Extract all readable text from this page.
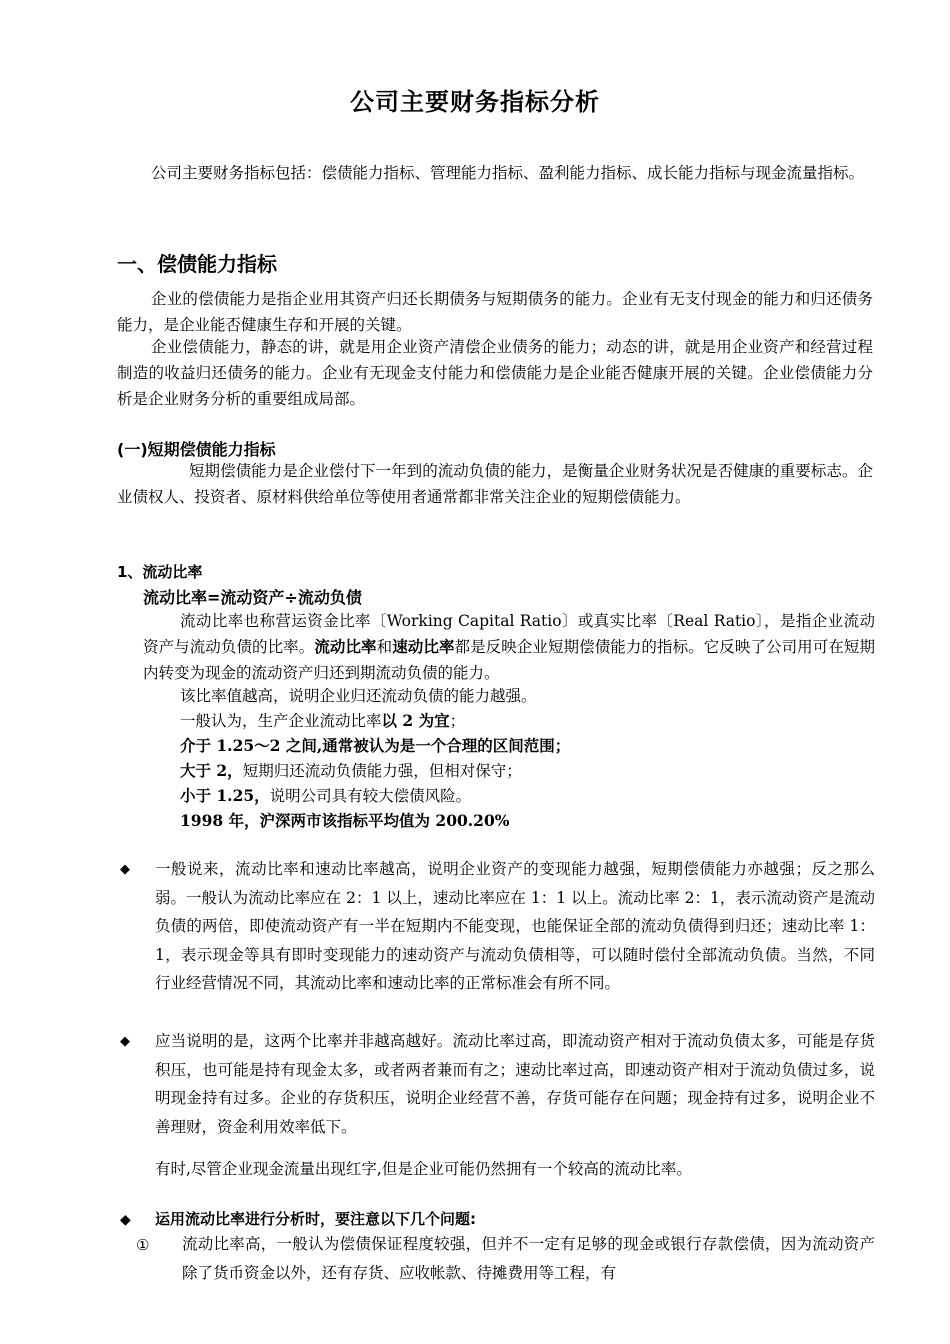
公司主要财务指标分析
公司主要财务指标包括：偿债能力指标、管理能力指标、盈利能力指标、成长能力指标与现金流量指标。
一、偿债能力指标
企业的偿债能力是指企业用其资产归还长期债务与短期债务的能力。企业有无支付现金的能力和归还债务能力，是企业能否健康生存和开展的关键。
企业偿债能力，静态的讲，就是用企业资产清偿企业债务的能力；动态的讲，就是用企业资产和经营过程制造的收益归还债务的能力。企业有无现金支付能力和偿债能力是企业能否健康开展的关键。企业偿债能力分析是企业财务分析的重要组成局部。
(一)短期偿债能力指标
短期偿债能力是企业偿付下一年到的流动负债的能力，是衡量企业财务状况是否健康的重要标志。企业债权人、投资者、原材料供给单位等使用者通常都非常关注企业的短期偿债能力。
1、流动比率
流动比率=流动资产÷流动负债
流动比率也称营运资金比率〔Working Capital Ratio〕或真实比率〔Real Ratio〕，是指企业流动资产与流动负债的比率。流动比率和速动比率都是反映企业短期偿债能力的指标。它反映了公司用可在短期内转变为现金的流动资产归还到期流动负债的能力。
该比率值越高，说明企业归还流动负债的能力越强。
一般认为，生产企业流动比率以 2 为宜；
介于 1.25～2 之间,通常被认为是一个合理的区间范围；
大于 2，短期归还流动负债能力强，但相对保守；
小于 1.25，说明公司具有较大偿债风险。
1998 年，沪深两市该指标平均值为 200.20%
◆ 一般说来，流动比率和速动比率越高，说明企业资产的变现能力越强，短期偿债能力亦越强；反之那么弱。一般认为流动比率应在 2：1 以上，速动比率应在 1：1 以上。流动比率 2：1，表示流动资产是流动负债的两倍，即使流动资产有一半在短期内不能变现，也能保证全部的流动负债得到归还；速动比率 1：1，表示现金等具有即时变现能力的速动资产与流动负债相等，可以随时偿付全部流动负债。当然，不同行业经营情况不同，其流动比率和速动比率的正常标准会有所不同。
◆ 应当说明的是，这两个比率并非越高越好。流动比率过高，即流动资产相对于流动负债太多，可能是存货积压，也可能是持有现金太多，或者两者兼而有之；速动比率过高，即速动资产相对于流动负债过多，说明现金持有过多。企业的存货积压，说明企业经营不善，存货可能存在问题；现金持有过多，说明企业不善理财，资金利用效率低下。
有时,尽管企业现金流量出现红字,但是企业可能仍然拥有一个较高的流动比率。
◆ 运用流动比率进行分析时，要注意以下几个问题:
① 流动比率高，一般认为偿债保证程度较强，但并不一定有足够的现金或银行存款偿债，因为流动资产除了货币资金以外，还有存货、应收帐款、待摊费用等工程，有
